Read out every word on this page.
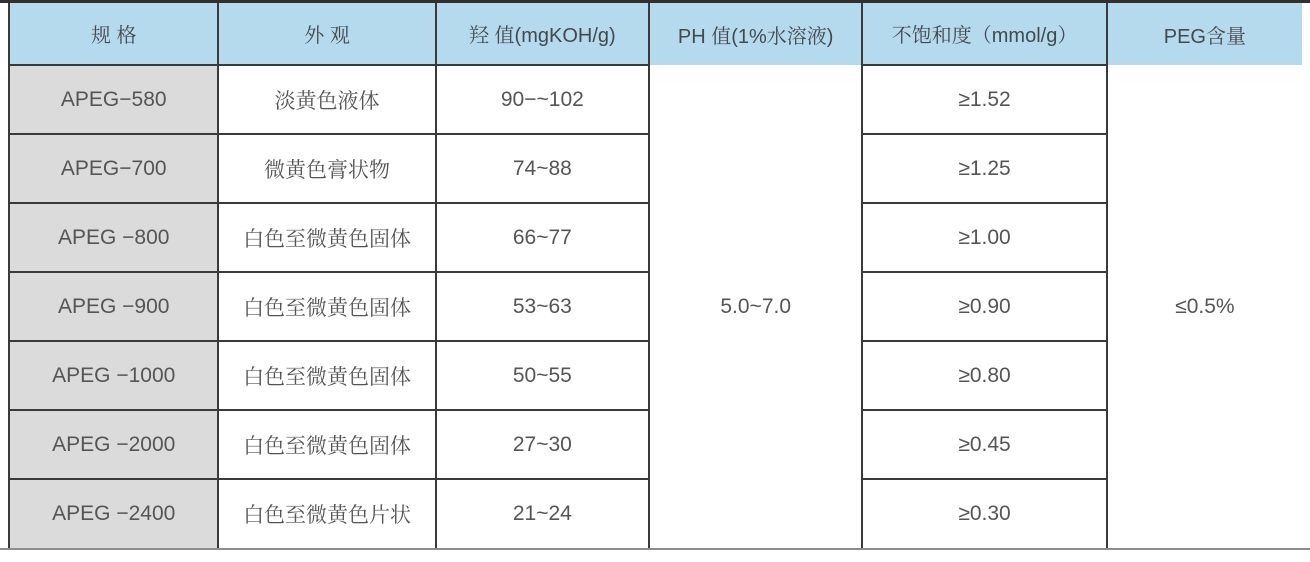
规 格	外 观	羟 值(mgKOH/g)	PH 值(1%水溶液)	不饱和度（mmol/g）	PEG含量
APEG−580	淡黄色液体	90−~102	5.0~7.0	≥1.52	≤0.5%
APEG−700	微黄色膏状物	74~88		≥1.25	
APEG −800	白色至微黄色固体	66~77		≥1.00	
APEG −900	白色至微黄色固体	53~63		≥0.90	
APEG −1000	白色至微黄色固体	50~55		≥0.80	
APEG −2000	白色至微黄色固体	27~30		≥0.45	
APEG −2400	白色至微黄色片状	21~24		≥0.30	
